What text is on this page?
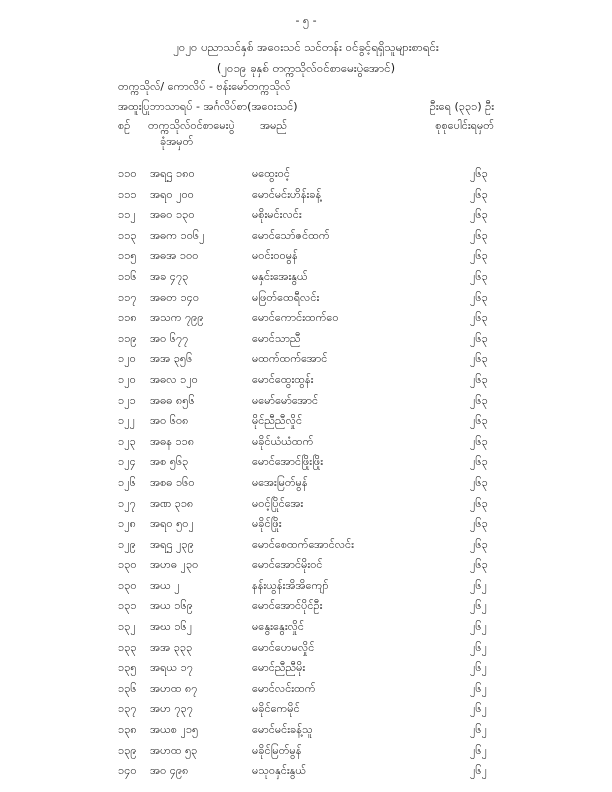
- ၅ -
၂၀၂၀ ပညာသင်နှစ် အဝေးသင် သင်တန်း ဝင်ခွင့်ရရှိသူများစာရင်း
(၂၀၁၉ ခုနှစ် တက္ကသိုလ်ဝင်စာမေးပွဲအောင်)
တက္ကသိုလ်/ ကောလိပ် - ဗန်းမော်တက္ကသိုလ်
အထူးပြုဘာသာရပ် - အင်္ဂလိပ်စာ(အဝေးသင်)	ဦးရေ (၃၃၁) ဦး
စဉ် တက္ကသိုလ်ဝင်စာမေးပွဲ အမည်	စုစုပေါင်းရမှတ်
ခုံအမှတ်
၁၁၀ အရဌ ၁၈၀	မထွေးဝင့်	၂၆၃
၁၁၁ အရဝ ၂၀၀	မောင်မင်းဟိန်းခန့်	၂၆၃
၁၁၂ အဓ၀ ၁၃၀	မစိုးမင်းလင်း	၂၆၃
၁၁၃ အဓက ၁၀၆၂	မောင်သော်ဇင်ထက်	၂၆၃
၁၁၅ အဓအ ၁၀၀	မဝင်း၀၀မွန်	၂၆၃
၁၁၆ အခ ၄၇၃	မနှင်းအေးနွယ်	၂၆၃
၁၁၇ အဓတ ၁၄၀	မဖြတ်ထေရီလင်း	၂၆၃
၁၁၈ အသက ၇၉၉	မောင်ကောင်းထက်ဝေ	၂၆၃
၁၁၉ အဝ ၆၇၇	မောင်သာညီ	၂၆၃
၁၂၀ အအ ၃၅၆	မထက်ထက်အောင်	၂၆၃
၁၂၀ အဓလ ၁၂၀	မောင်ထွေးထွန်း	၂၆၃
၁၂၁ အဓဓ ၈၅၆	မမော်မော်အောင်	၂၆၃
၁၂၂ အဝ ၆၀၈	မိုင်ညီညီလှိုင်	၂၆၃
၁၂၃ အဓန ၁၁၈	မခိုင်ယံယံထက်	၂၆၃
၁၂၄ အစ ၅၆၃	မောင်အောင်ဖြိုးဖြိုး	၂၆၃
၁၂၆ အစဓ ၁၆၀	မအေးမြတ်မွန်	၂၆၃
၁၂၇ အဏ ၃၁၈	မဝင့်ပြိုင်အေး	၂၆၃
၁၂၈ အရဝ ၅၀၂	မခိုင်ဖြိုး	၂၆၃
၁၂၉ အရဌ ၂၃၉	မောင်စေထက်အောင်လင်း	၂၆၃
၁၃၀ အဟဓ ၂၃၀	မောင်အောင်မိုးဝင်	၂၆၃
၁၃၀ အယ ၂	နန်းယွန်းအိအိကျော်	၂၆၂
၁၃၁ အယ ၁၆၉	မောင်အောင်ပိုင်ဦး	၂၆၂
၁၃၂ အဃ ၁၆၂	မနွေးနွေးလှိုင်	၂၆၂
၁၃၃ အအ ၃၃၃	မောင်ဟေမလှိုင်	၂၆၂
၁၃၅ အရယ ၁၇	မောင်ညီညီမိုး	၂၆၂
၁၃၆ အဟထ ၈၇	မောင်လင်းထက်	၂၆၂
၁၃၇ အဟ ၇၃၇	မခိုင်ကေမိုင်	၂၆၂
၁၃၈ အယစ ၂၁၅	မောင်မင်းခန့်သူ	၂၆၂
၁၃၉ အဟထ ၅၃	မခိုင်မြတ်မွန်	၂၆၂
၁၄၀ အဝ ၄၉၈	မသုဝနှင်းနွယ်	၂၆၂
